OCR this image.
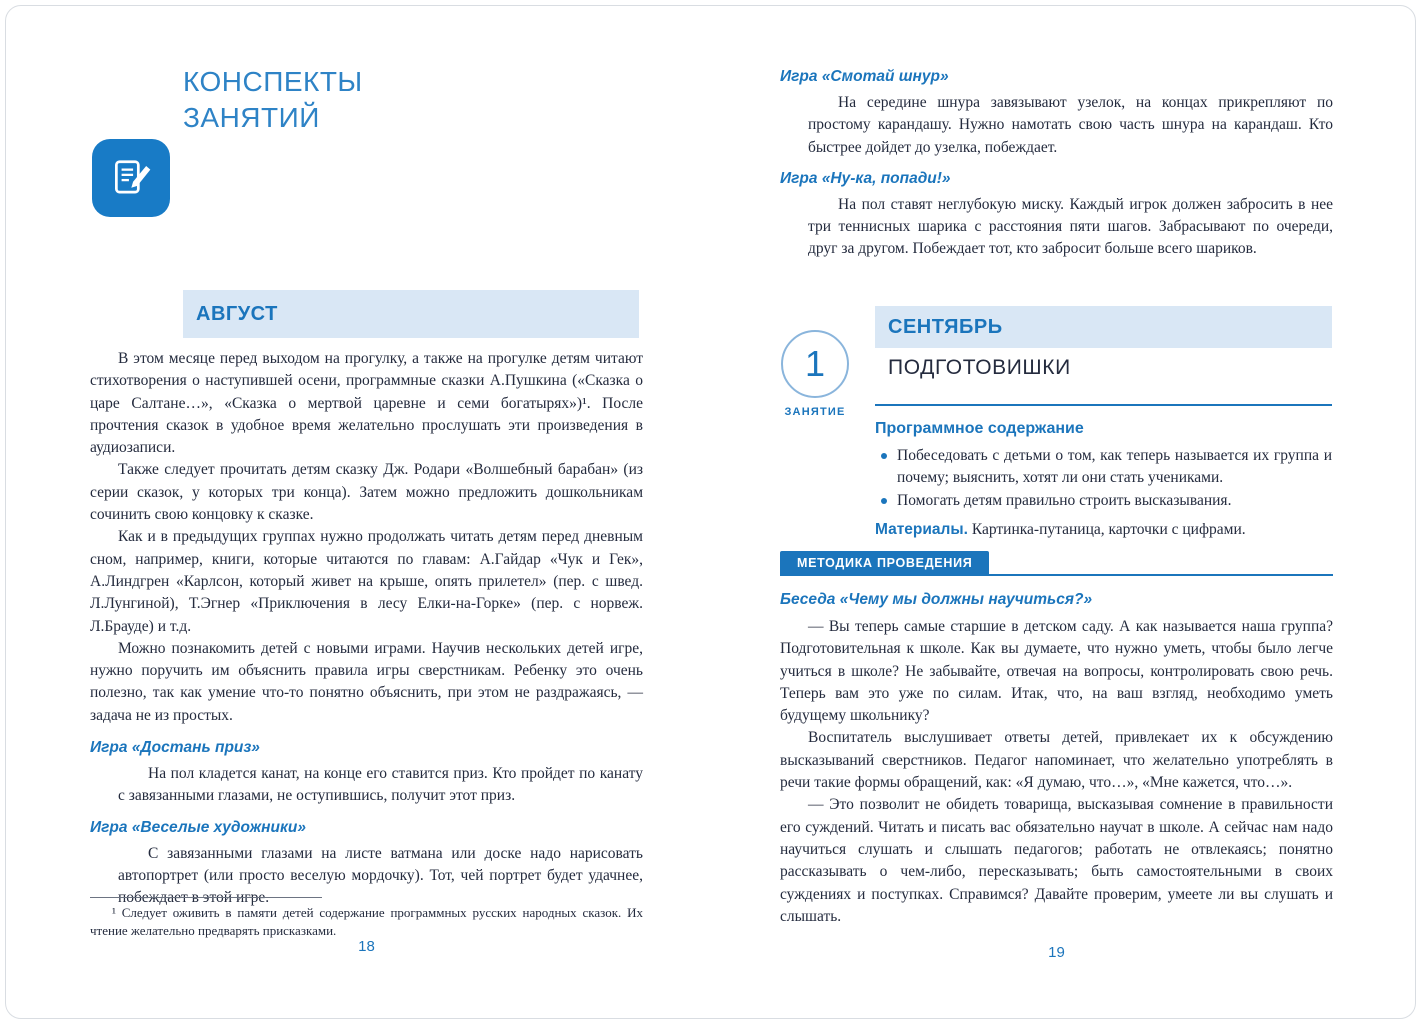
КОНСПЕКТЫ
ЗАНЯТИЙ
АВГУСТ

В этом месяце перед выходом на прогулку, а также на прогулке детям читают стихотворения о наступившей осени, программные сказки А.Пушкина («Сказка о царе Салтане…», «Сказка о мертвой царевне и семи богатырях»)¹. После прочтения сказок в удобное время желательно прослушать эти произведения в аудиозаписи.

Также следует прочитать детям сказку Дж. Родари «Волшебный барабан» (из серии сказок, у которых три конца). Затем можно предложить дошкольникам сочинить свою концовку к сказке.

Как и в предыдущих группах нужно продолжать читать детям перед дневным сном, например, книги, которые читаются по главам: А.Гайдар «Чук и Гек», А.Линдгрен «Карлсон, который живет на крыше, опять прилетел» (пер. с швед. Л.Лунгиной), Т.Эгнер «Приключения в лесу Елки-на-Горке» (пер. с норвеж. Л.Брауде) и т.д.

Можно познакомить детей с новыми играми. Научив нескольких детей игре, нужно поручить им объяснить правила игры сверстникам. Ребенку это очень полезно, так как умение что-то понятно объяснить, при этом не раздражаясь, — задача не из простых.

Игра «Достань приз»

На пол кладется канат, на конце его ставится приз. Кто пройдет по канату с завязанными глазами, не оступившись, получит этот приз.

Игра «Веселые художники»

С завязанными глазами на листе ватмана или доске надо нарисовать автопортрет (или просто веселую мордочку). Тот, чей портрет будет удачнее, побеждает в этой игре.

¹ Следует оживить в памяти детей содержание программных русских народных сказок. Их чтение желательно предварять присказками.
18
Игра «Смотай шнур»

На середине шнура завязывают узелок, на концах прикрепляют по простому карандашу. Нужно намотать свою часть шнура на карандаш. Кто быстрее дойдет до узелка, побеждает.

Игра «Ну-ка, попади!»

На пол ставят неглубокую миску. Каждый игрок должен забросить в нее три теннисных шарика с расстояния пяти шагов. Забрасывают по очереди, друг за другом. Побеждает тот, кто забросит больше всего шариков.

1
ЗАНЯТИЕ
СЕНТЯБРЬ
ПОДГОТОВИШКИ
Программное содержание
Побеседовать с детьми о том, как теперь называется их группа и почему; выяснить, хотят ли они стать учениками.
Помогать детям правильно строить высказывания.
Материалы. Картинка-путаница, карточки с цифрами.
МЕТОДИКА ПРОВЕДЕНИЯ
Беседа «Чему мы должны научиться?»

— Вы теперь самые старшие в детском саду. А как называется наша группа? Подготовительная к школе. Как вы думаете, что нужно уметь, чтобы было легче учиться в школе? Не забывайте, отвечая на вопросы, контролировать свою речь. Теперь вам это уже по силам. Итак, что, на ваш взгляд, необходимо уметь будущему школьнику?

Воспитатель выслушивает ответы детей, привлекает их к обсуждению высказываний сверстников. Педагог напоминает, что желательно употреблять в речи такие формы обращений, как: «Я думаю, что…», «Мне кажется, что…».

— Это позволит не обидеть товарища, высказывая сомнение в правильности его суждений. Читать и писать вас обязательно научат в школе. А сейчас нам надо научиться слушать и слышать педагогов; работать не отвлекаясь; понятно рассказывать о чем-либо, пересказывать; быть самостоятельными в своих суждениях и поступках. Справимся? Давайте проверим, умеете ли вы слушать и слышать.

19
